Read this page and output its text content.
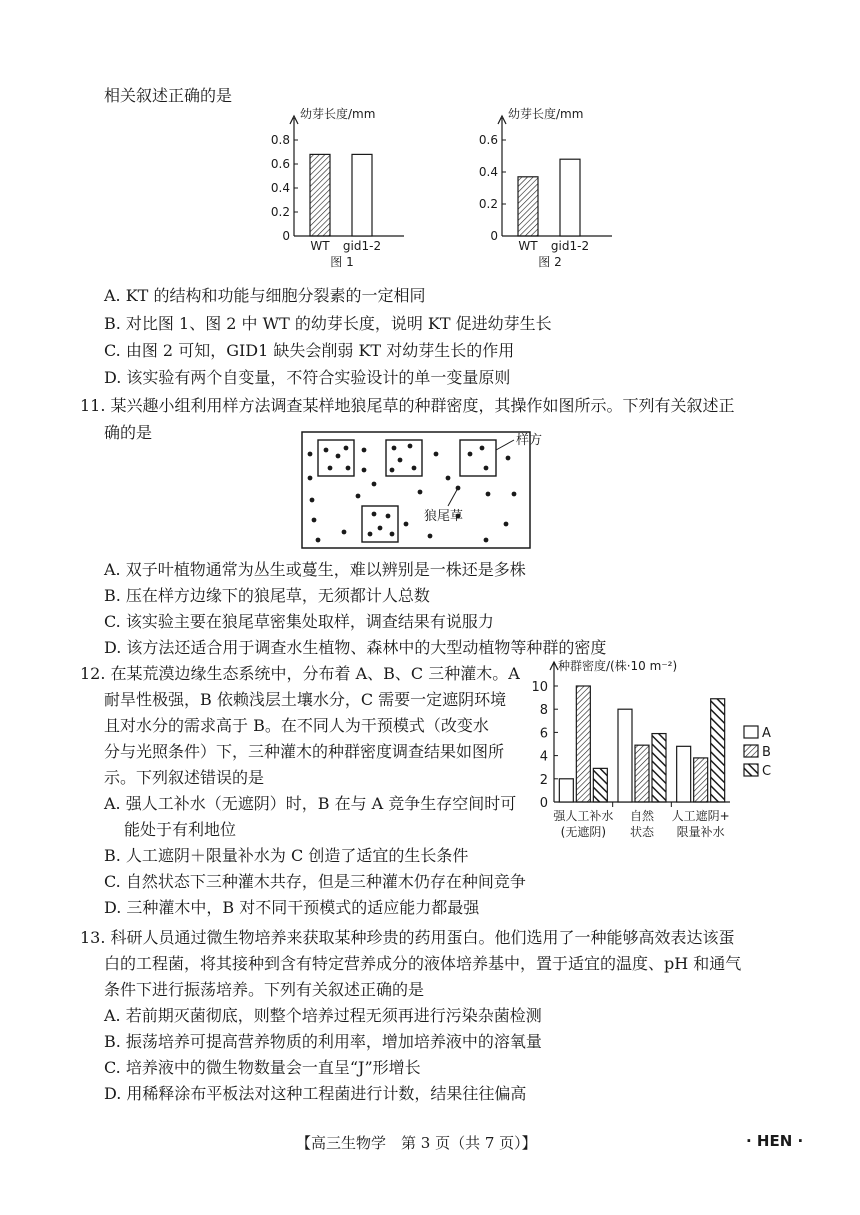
相关叙述正确的是
幼芽长度/mm
0
0.2
0.4
0.6
0.8
WT gid1-2
图 1
幼芽长度/mm
0
0.2
0.4
0.6
WT gid1-2
图 2
A. KT 的结构和功能与细胞分裂素的一定相同
B. 对比图 1、图 2 中 WT 的幼芽长度，说明 KT 促进幼芽生长
C. 由图 2 可知，GID1 缺失会削弱 KT 对幼芽生长的作用
D. 该实验有两个自变量，不符合实验设计的单一变量原则
11. 某兴趣小组利用样方法调查某样地狼尾草的种群密度，其操作如图所示。下列有关叙述正
确的是	样方
狼尾草
A. 双子叶植物通常为丛生或蔓生，难以辨别是一株还是多株
B. 压在样方边缘下的狼尾草，无须都计人总数
C. 该实验主要在狼尾草密集处取样，调查结果有说服力
D. 该方法还适合用于调查水生植物、森林中的大型动植物等种群的密度
12. 在某荒漠边缘生态系统中，分布着 A、B、C 三种灌木。A
耐旱性极强，B 依赖浅层土壤水分，C 需要一定遮阴环境
且对水分的需求高于 B。在不同人为干预模式（改变水
分与光照条件）下，三种灌木的种群密度调查结果如图所
示。下列叙述错误的是
A. 强人工补水（无遮阴）时，B 在与 A 竞争生存空间时可
能处于有利地位
B. 人工遮阴＋限量补水为 C 创造了适宜的生长条件
C. 自然状态下三种灌木共存，但是三种灌木仍存在种间竞争
D. 三种灌木中，B 对不同干预模式的适应能力都最强
种群密度/(株·10 m⁻²)
0
2
4
6
8
10
强人工补水
(无遮阴)
自然
状态
人工遮阴+
限量补水
A
B
C
13. 科研人员通过微生物培养来获取某种珍贵的药用蛋白。他们选用了一种能够高效表达该蛋
白的工程菌，将其接种到含有特定营养成分的液体培养基中，置于适宜的温度、pH 和通气
条件下进行振荡培养。下列有关叙述正确的是
A. 若前期灭菌彻底，则整个培养过程无须再进行污染杂菌检测
B. 振荡培养可提高营养物质的利用率，增加培养液中的溶氧量
C. 培养液中的微生物数量会一直呈“J”形增长
D. 用稀释涂布平板法对这种工程菌进行计数，结果往往偏高
【高三生物学　第 3 页（共 7 页）】	· HEN ·
